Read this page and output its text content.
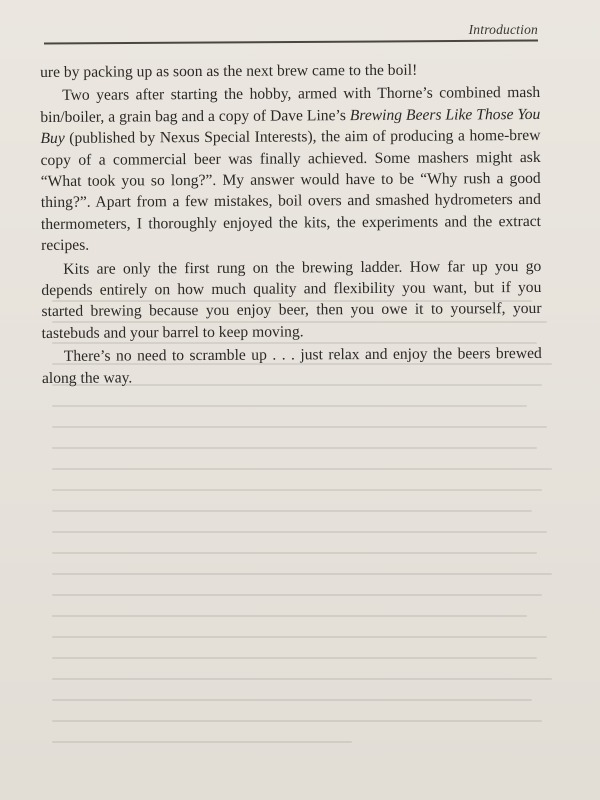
Introduction

ure by packing up as soon as the next brew came to the boil!

Two years after starting the hobby, armed with Thorne’s combined mash bin/boiler, a grain bag and a copy of Dave Line’s Brewing Beers Like Those You Buy (published by Nexus Special Interests), the aim of producing a home-brew copy of a commercial beer was finally achieved. Some mashers might ask “What took you so long?”. My answer would have to be “Why rush a good thing?”. Apart from a few mistakes, boil overs and smashed hydrometers and thermometers, I thoroughly enjoyed the kits, the experiments and the extract recipes.

Kits are only the first rung on the brewing ladder. How far up you go depends entirely on how much quality and flexibility you want, but if you started brewing because you enjoy beer, then you owe it to yourself, your tastebuds and your barrel to keep moving.

There’s no need to scramble up . . . just relax and enjoy the beers brewed along the way.
